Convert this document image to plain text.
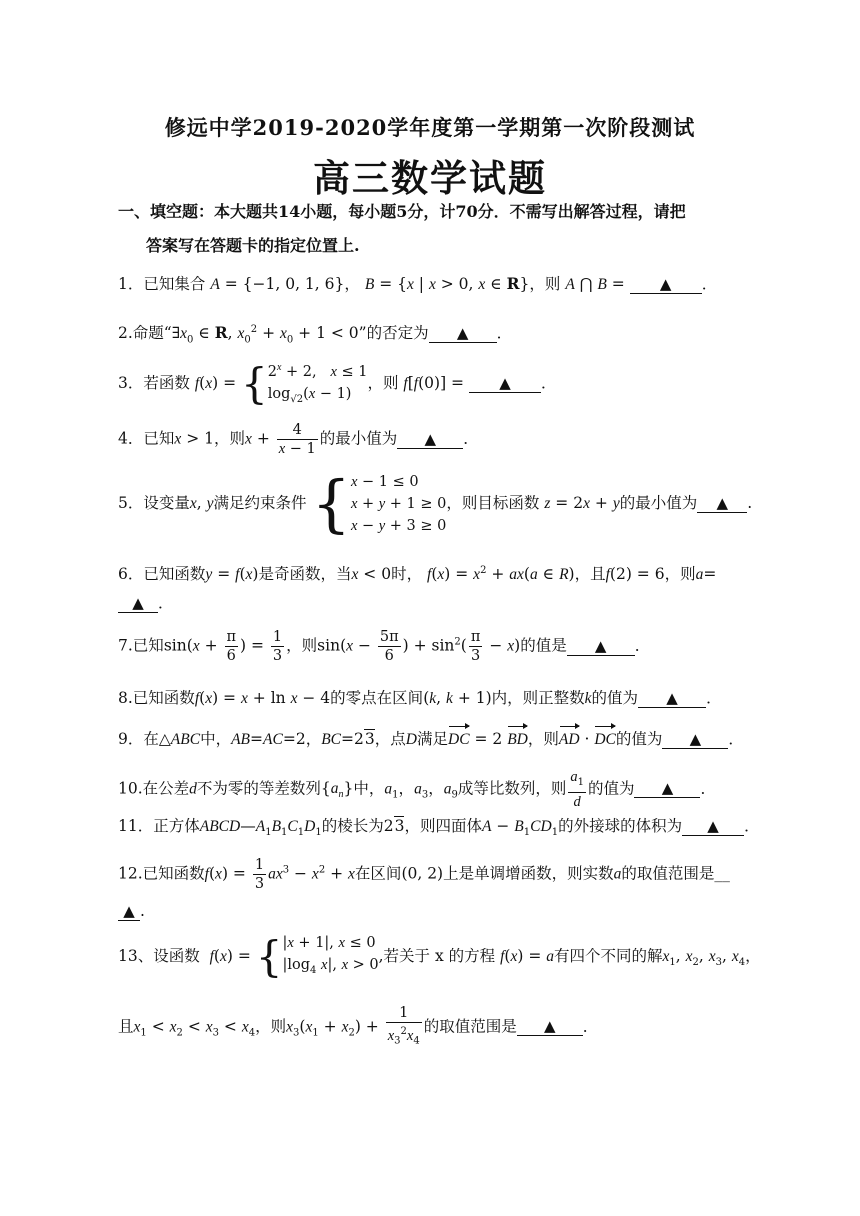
修远中学2019-2020学年度第一学期第一次阶段测试
高三数学试题
一、填空题：本大题共14小题，每小题5分，计70分．不需写出解答过程，请把
答案写在答题卡的指定位置上.
1．已知集合 A = {−1, 0, 1, 6}， B = {x | x > 0, x ∈ R}，则 A ⋂ B = ▲ ．
2.命题“$\exists x_0$ ∈ R, $x_0^2 + x_0 + 1 < 0$”的否定为 ▲ ．
3．若函数 f(x) = { $2^x + 2$,   x ≤ 1
$\log_{√2}(x - 1)$
，则 f[f(0)] = ▲ ．
4．已知x > 1，则$x + \frac{4}{x - 1}$ 的最小值为 ▲ ．
5．设变量x, y满足约束条件 { x − 1 ≤ 0
x + y + 1 ≥ 0
x − y + 3 ≥ 0
，则目标函数 z = 2x + y的最小值为 ▲ .
6．已知函数y = f(x)是奇函数，当x < 0时， $f(x) = x^2 + ax(a$ ∈ R)，且f(2) = 6，则a=
▲ ．
7.已知$\sin(x + \frac{\pi}{6}$ ) = $\frac{1}{3}$ ，则$\sin(x - \frac{5\pi}{6}$ ) + $\sin^2( \frac{\pi}{3} - x)$的值是 ▲ ．
8.已知函数f(x) = x + ln x − 4的零点在区间(k, k + 1)内，则正整数k的值为 ▲ ．
9．在△ABC中，AB=AC=2，BC=23，点D满足DC = 2 BD，则AD · DC的值为 ▲ ．
10.在公差d不为零的等差数列$\{a_n\}$中，$a_1$，$a_3$，$a_9$成等比数列，则 $\frac{a_1}{d}$ 的值为 ▲ ．
11．正方体$ABCD—A_1B_1C_1D_1$的棱长为23，则四面体$A - B_1CD_1$的外接球的体积为 ▲ ．
12.已知函数$f(x) = \frac{1}{3} ax^3 - x^2 + x$在区间(0, 2)上是单调增函数，则实数a的取值范围是__
▲ .
13、设函数 f(x) = { |x + 1|, x ≤ 0
$|\log_4$ x|, x > 0
,若关于 x 的方程 f(x) = a有四个不同的解$x_1$, $x_2$, $x_3$, $x_4$，
且$x_1 < x_2 < x_3 < x_4$，则$x_3(x_1 + x_2) + \frac{1}{x_3^2x_4}$ 的取值范围是 ▲ ．
